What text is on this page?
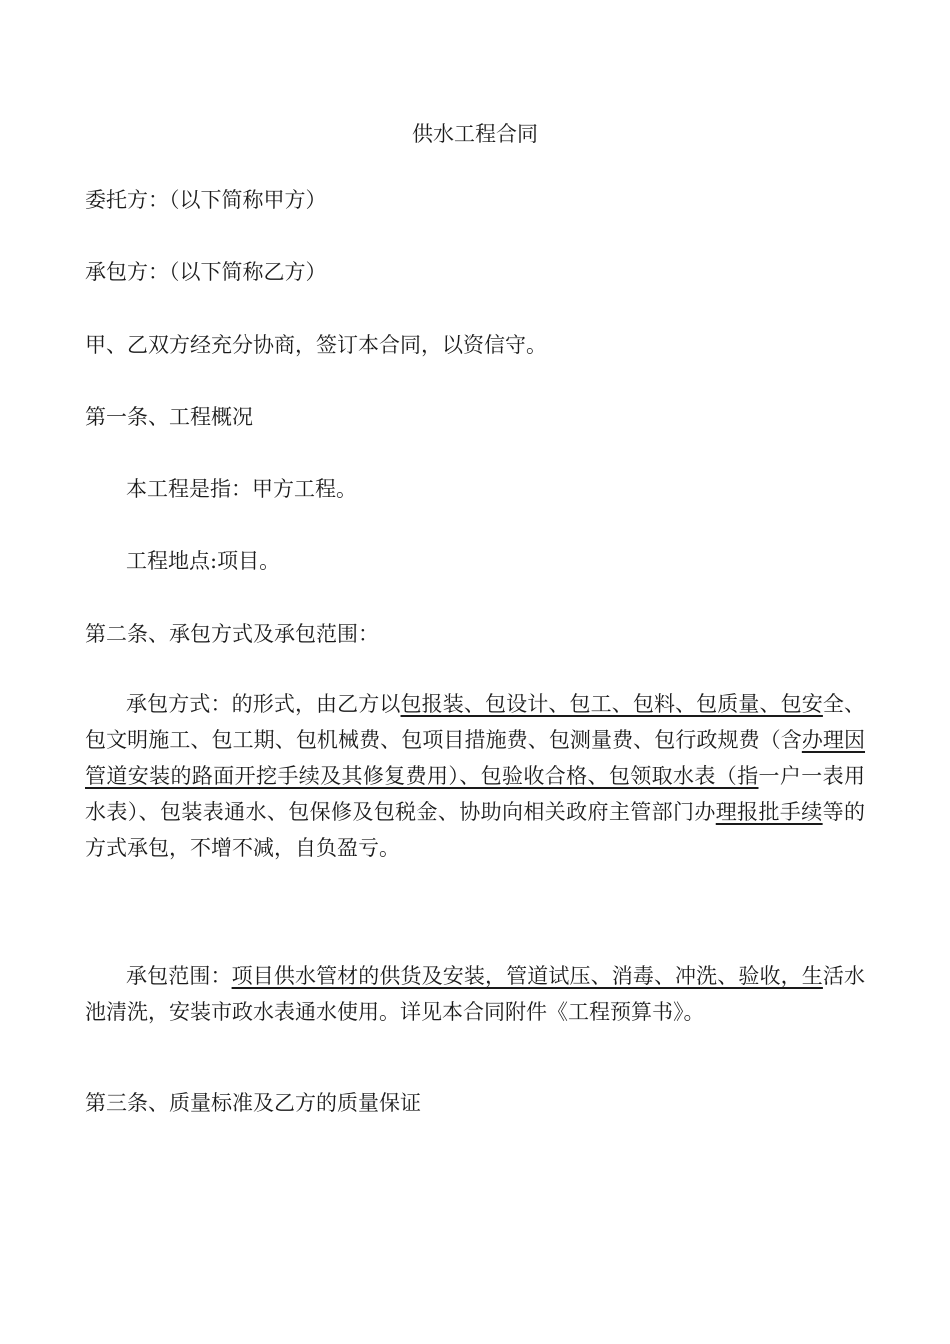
供水工程合同

委托方：（以下简称甲方）

承包方：（以下简称乙方）

甲、乙双方经充分协商，签订本合同，以资信守。

第一条、工程概况

本工程是指：甲方工程。

工程地点:项目。

第二条、承包方式及承包范围：

承包方式：的形式，由乙方以包报装、包设计、包工、包料、包质量、包安全、包文明施工、包工期、包机械费、包项目措施费、包测量费、包行政规费（含办理因管道安装的路面开挖手续及其修复费用）、包验收合格、包领取水表（指一户一表用水表）、包装表通水、包保修及包税金、协助向相关政府主管部门办理报批手续等的方式承包，不增不减，自负盈亏。

承包范围：项目供水管材的供货及安装，管道试压、消毒、冲洗、验收，生活水池清洗，安装市政水表通水使用。详见本合同附件《工程预算书》。

第三条、质量标准及乙方的质量保证
